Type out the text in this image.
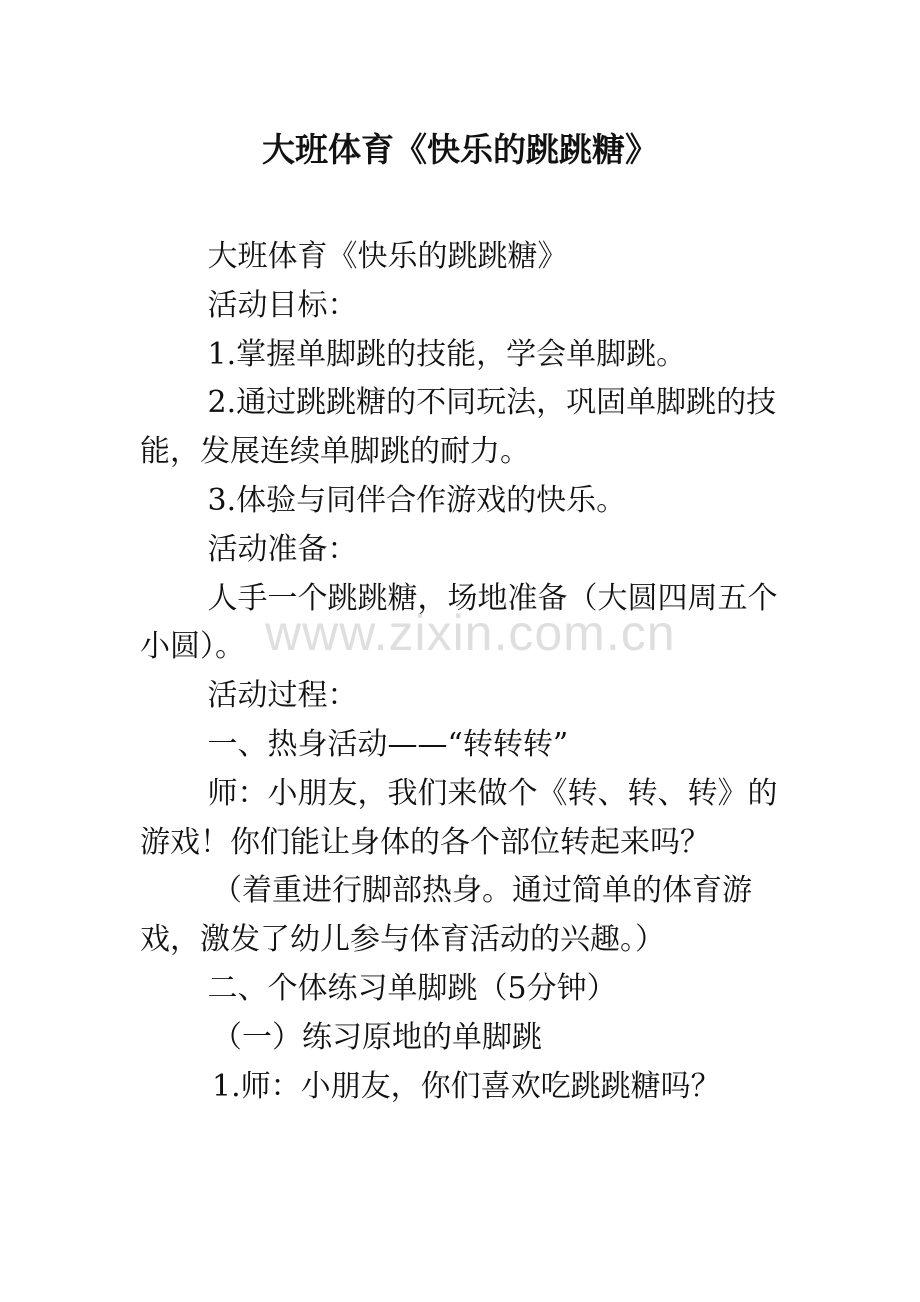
大班体育《快乐的跳跳糖》

大班体育《快乐的跳跳糖》

活动目标：

1.掌握单脚跳的技能，学会单脚跳。

2.通过跳跳糖的不同玩法，巩固单脚跳的技能，发展连续单脚跳的耐力。

3.体验与同伴合作游戏的快乐。

活动准备：

人手一个跳跳糖，场地准备（大圆四周五个小圆）。

活动过程：

一、热身活动——“转转转”

师：小朋友，我们来做个《转、转、转》的游戏！你们能让身体的各个部位转起来吗？

（着重进行脚部热身。通过简单的体育游戏，激发了幼儿参与体育活动的兴趣。）

二、个体练习单脚跳（5分钟）

（一）练习原地的单脚跳

1.师：小朋友，你们喜欢吃跳跳糖吗？

www.zixin.com.cn
